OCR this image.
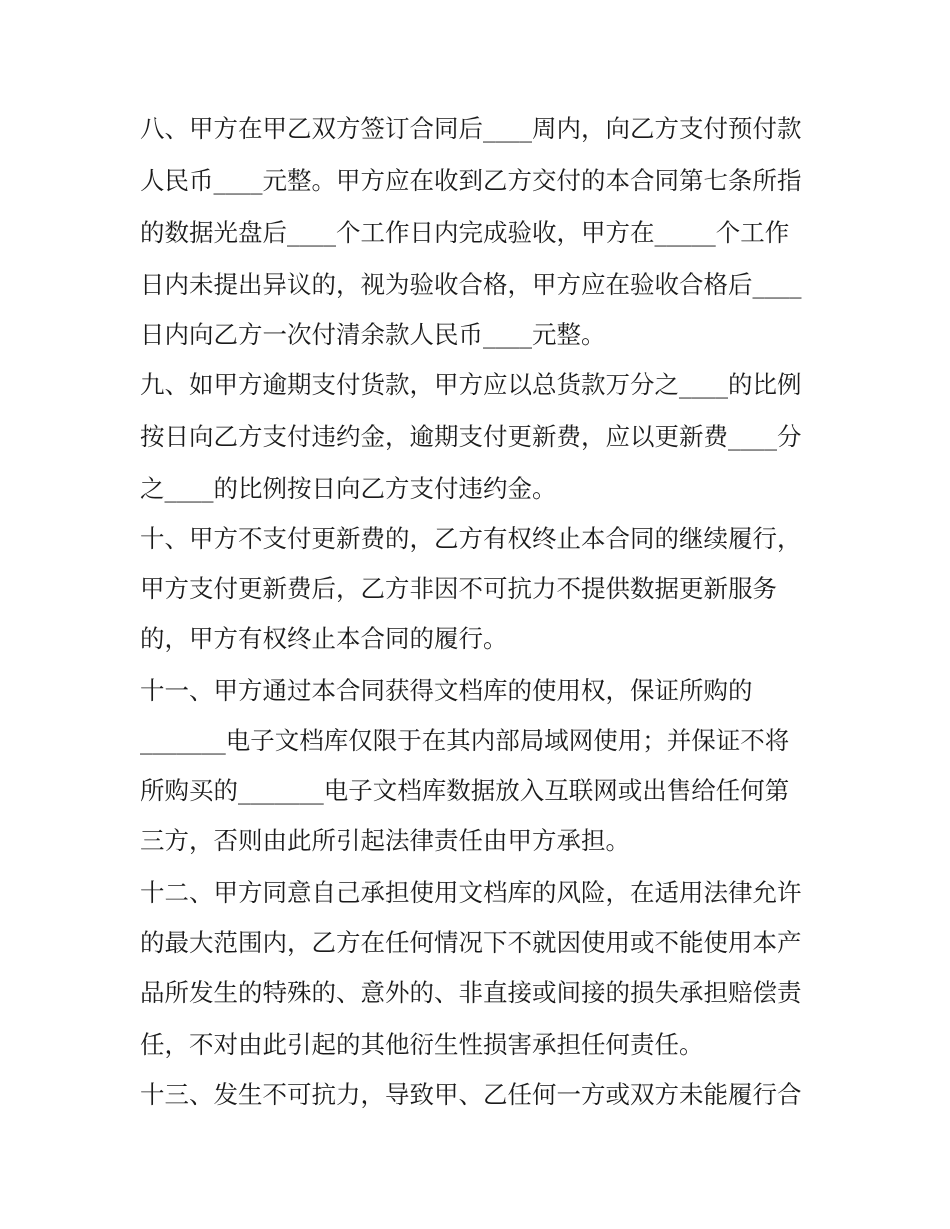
八、甲方在甲乙双方签订合同后____周内，向乙方支付预付款
人民币____元整。甲方应在收到乙方交付的本合同第七条所指
的数据光盘后____个工作日内完成验收，甲方在_____个工作
日内未提出异议的，视为验收合格，甲方应在验收合格后____
日内向乙方一次付清余款人民币____元整。
九、如甲方逾期支付货款，甲方应以总货款万分之____的比例
按日向乙方支付违约金，逾期支付更新费，应以更新费____分
之____的比例按日向乙方支付违约金。
十、甲方不支付更新费的，乙方有权终止本合同的继续履行，
甲方支付更新费后，乙方非因不可抗力不提供数据更新服务
的，甲方有权终止本合同的履行。
十一、甲方通过本合同获得文档库的使用权，保证所购的
_______电子文档库仅限于在其内部局域网使用；并保证不将
所购买的_______电子文档库数据放入互联网或出售给任何第
三方，否则由此所引起法律责任由甲方承担。
十二、甲方同意自己承担使用文档库的风险，在适用法律允许
的最大范围内，乙方在任何情况下不就因使用或不能使用本产
品所发生的特殊的、意外的、非直接或间接的损失承担赔偿责
任，不对由此引起的其他衍生性损害承担任何责任。
十三、发生不可抗力，导致甲、乙任何一方或双方未能履行合
